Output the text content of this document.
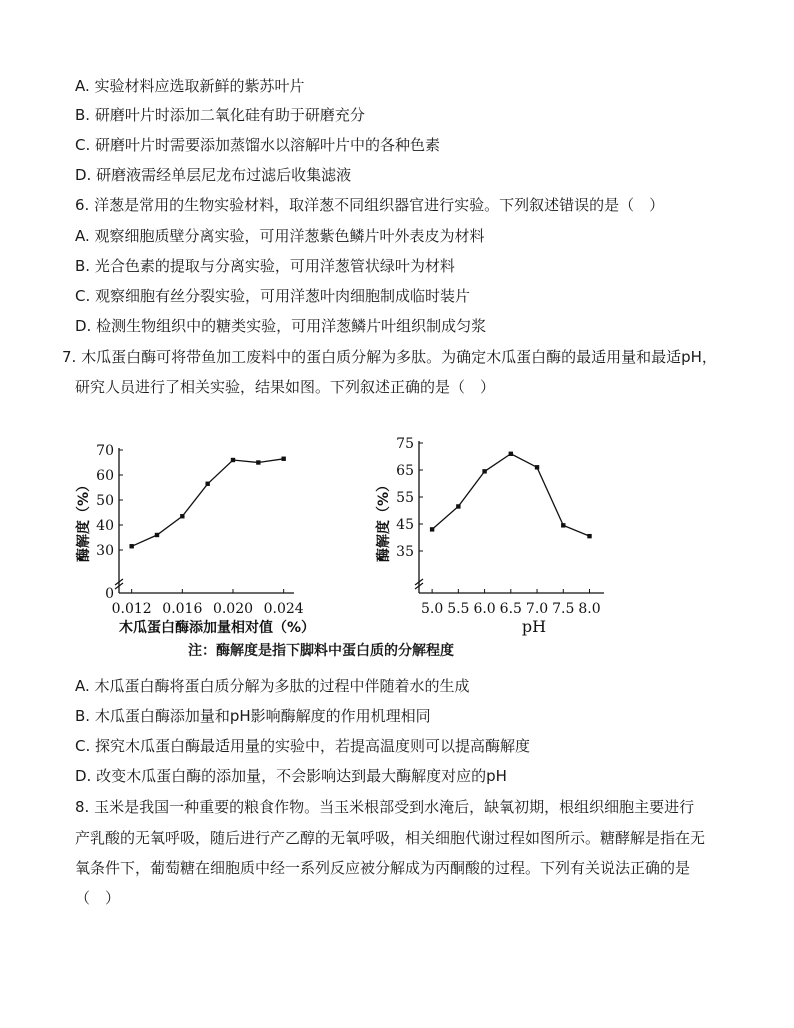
A. 实验材料应选取新鲜的紫苏叶片
B. 研磨叶片时添加二氧化硅有助于研磨充分
C. 研磨叶片时需要添加蒸馏水以溶解叶片中的各种色素
D. 研磨液需经单层尼龙布过滤后收集滤液
6. 洋葱是常用的生物实验材料，取洋葱不同组织器官进行实验。下列叙述错误的是（　）
A. 观察细胞质壁分离实验，可用洋葱紫色鳞片叶外表皮为材料
B. 光合色素的提取与分离实验，可用洋葱管状绿叶为材料
C. 观察细胞有丝分裂实验，可用洋葱叶肉细胞制成临时装片
D. 检测生物组织中的糖类实验，可用洋葱鳞片叶组织制成匀浆
7. 木瓜蛋白酶可将带鱼加工废料中的蛋白质分解为多肽。为确定木瓜蛋白酶的最适用量和最适pH，
研究人员进行了相关实验，结果如图。下列叙述正确的是（　）
30
40
50
60
70
0.012 0.016 0.020 0.024
0
酶解度（%）
木瓜蛋白酶添加量相对值（%）
35
45
55
65
75
5.0 5.5 6.0 6.5 7.0 7.5 8.0
酶解度（%）
pH
注：酶解度是指下脚料中蛋白质的分解程度
A. 木瓜蛋白酶将蛋白质分解为多肽的过程中伴随着水的生成
B. 木瓜蛋白酶添加量和pH影响酶解度的作用机理相同
C. 探究木瓜蛋白酶最适用量的实验中，若提高温度则可以提高酶解度
D. 改变木瓜蛋白酶的添加量，不会影响达到最大酶解度对应的pH
8. 玉米是我国一种重要的粮食作物。当玉米根部受到水淹后，缺氧初期，根组织细胞主要进行
产乳酸的无氧呼吸，随后进行产乙醇的无氧呼吸，相关细胞代谢过程如图所示。糖酵解是指在无
氧条件下，葡萄糖在细胞质中经一系列反应被分解成为丙酮酸的过程。下列有关说法正确的是
（　）
